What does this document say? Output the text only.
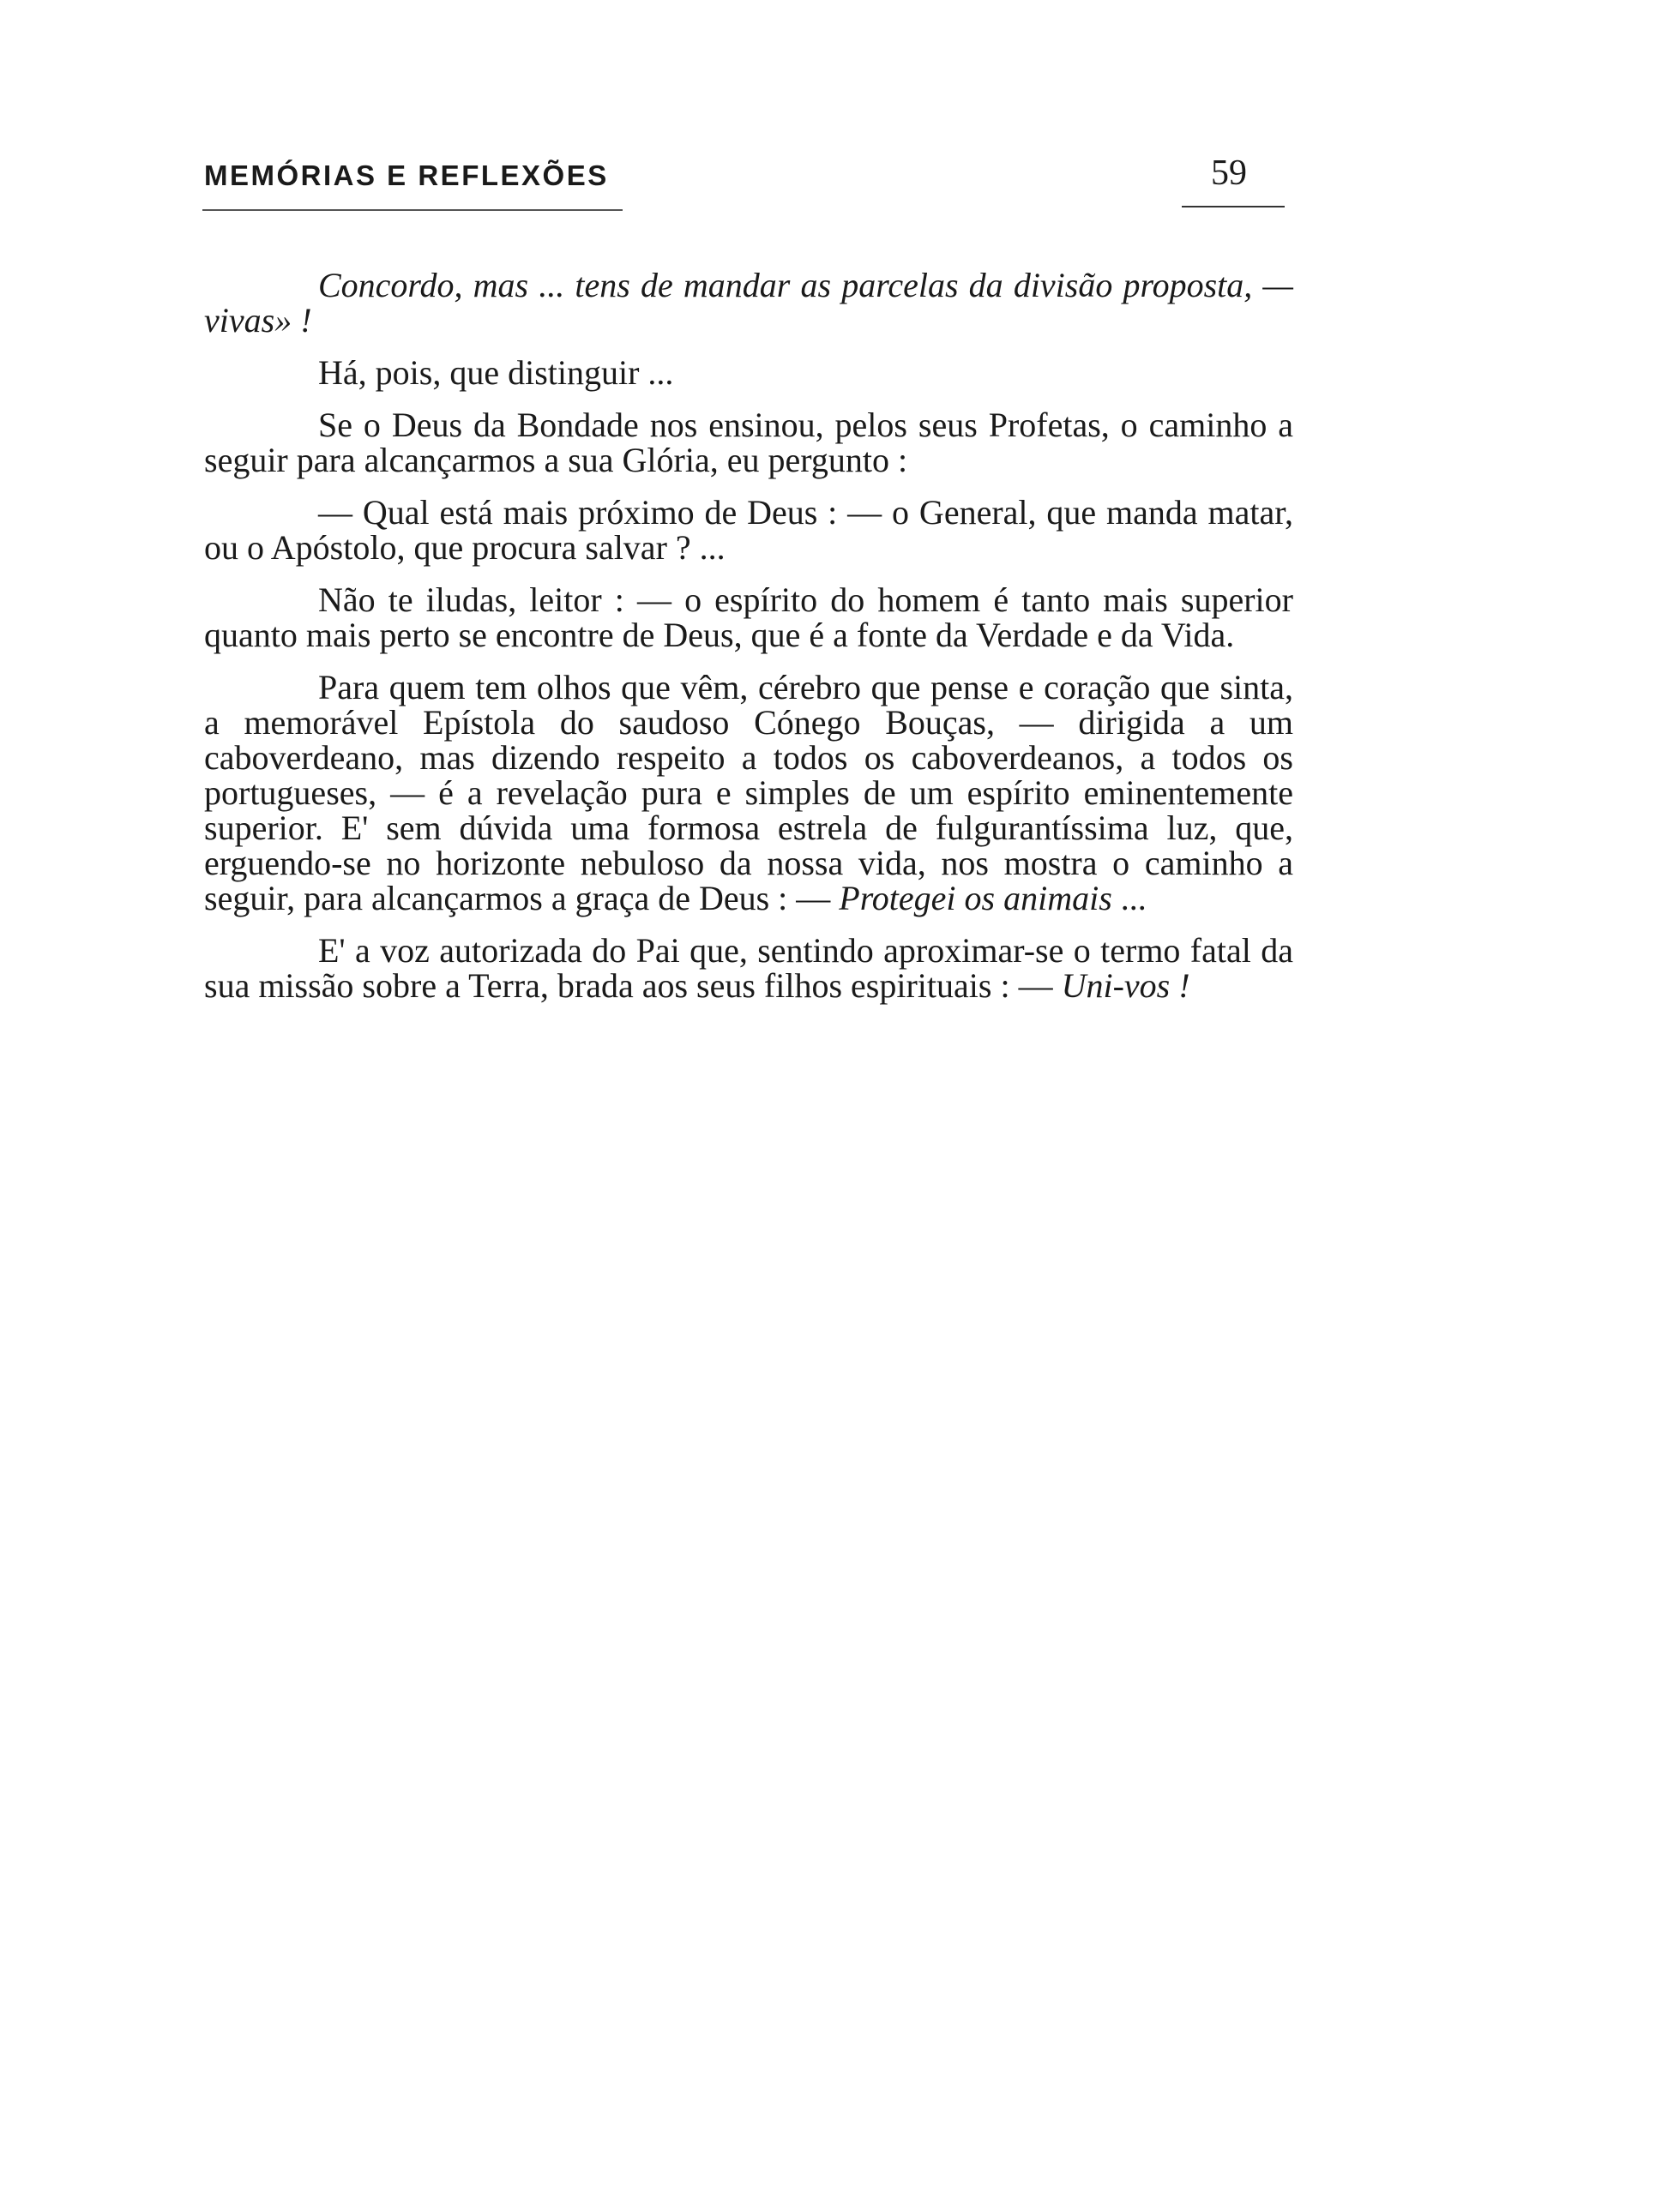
MEMÓRIAS E REFLEXÕES	59

Concordo, mas ... tens de mandar as parcelas da divisão proposta, — vivas» !

Há, pois, que distinguir ...

Se o Deus da Bondade nos ensinou, pelos seus Profetas, o caminho a seguir para alcançarmos a sua Glória, eu pergunto :

— Qual está mais próximo de Deus : — o General, que manda matar, ou o Apóstolo, que procura salvar ? ...

Não te iludas, leitor : — o espírito do homem é tanto mais superior quanto mais perto se encontre de Deus, que é a fonte da Verdade e da Vida.

Para quem tem olhos que vêm, cérebro que pense e coração que sinta, a memorável Epístola do saudoso Cónego Bouças, — dirigida a um caboverdeano, mas dizendo respeito a todos os caboverdeanos, a todos os portugueses, — é a revelação pura e simples de um espírito eminentemente superior. E' sem dúvida uma formosa estrela de fulgurantíssima luz, que, erguendo-se no horizonte nebuloso da nossa vida, nos mostra o caminho a seguir, para alcançarmos a graça de Deus : — Protegei os animais ...

E' a voz autorizada do Pai que, sentindo aproximar-se o termo fatal da sua missão sobre a Terra, brada aos seus filhos espirituais : — Uni-vos !
